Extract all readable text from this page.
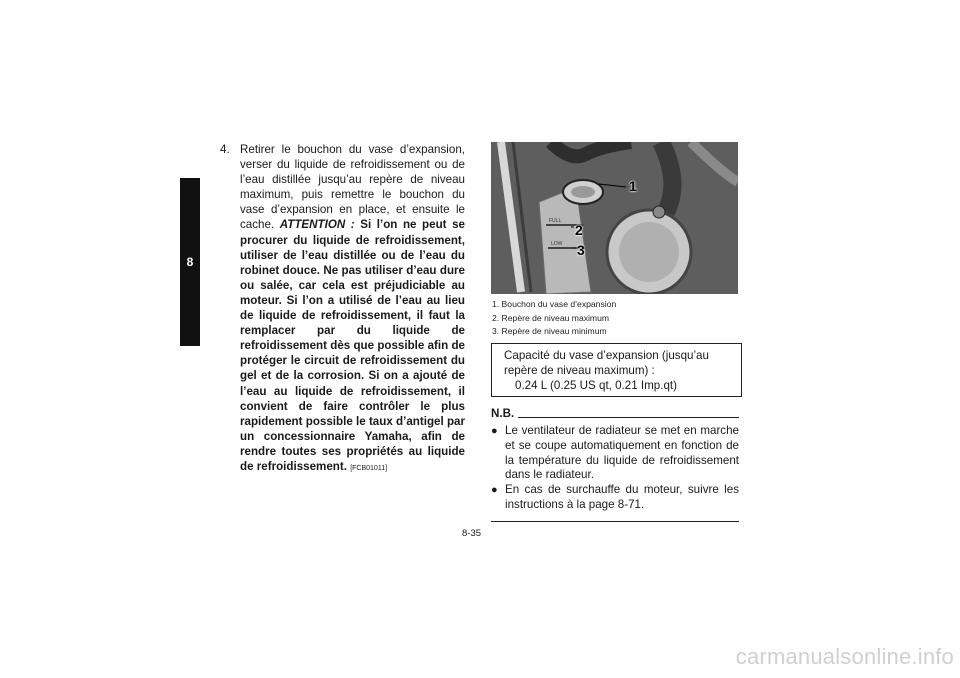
8
4. Retirer le bouchon du vase d’expansion, verser du liquide de refroidissement ou de l’eau distillée jusqu’au repère de niveau maximum, puis remettre le bouchon du vase d’expansion en place, et ensuite le cache. ATTENTION : Si l’on ne peut se procurer du liquide de refroidissement, utiliser de l’eau distillée ou de l’eau du robinet douce. Ne pas utiliser d’eau dure ou salée, car cela est préjudiciable au moteur. Si l’on a utilisé de l’eau au lieu de liquide de refroidissement, il faut la remplacer par du liquide de refroidissement dès que possible afin de protéger le circuit de refroidissement du gel et de la corrosion. Si on a ajouté de l’eau au liquide de refroidissement, il convient de faire contrôler le plus rapidement possible le taux d’antigel par un concessionnaire Yamaha, afin de rendre toutes ses propriétés au liquide de refroidissement. [FCB01011]
FULL
LOW
1
2
3
1. Bouchon du vase d’expansion
2. Repère de niveau maximum
3. Repère de niveau minimum
Capacité du vase d’expansion (jusqu’au repère de niveau maximum) :
0.24 L (0.25 US qt, 0.21 Imp.qt)
N.B.
● Le ventilateur de radiateur se met en marche et se coupe automatiquement en fonction de la température du liquide de refroidissement dans le radiateur.
● En cas de surchauffe du moteur, suivre les instructions à la page 8-71.
8-35
carmanualsonline.info
